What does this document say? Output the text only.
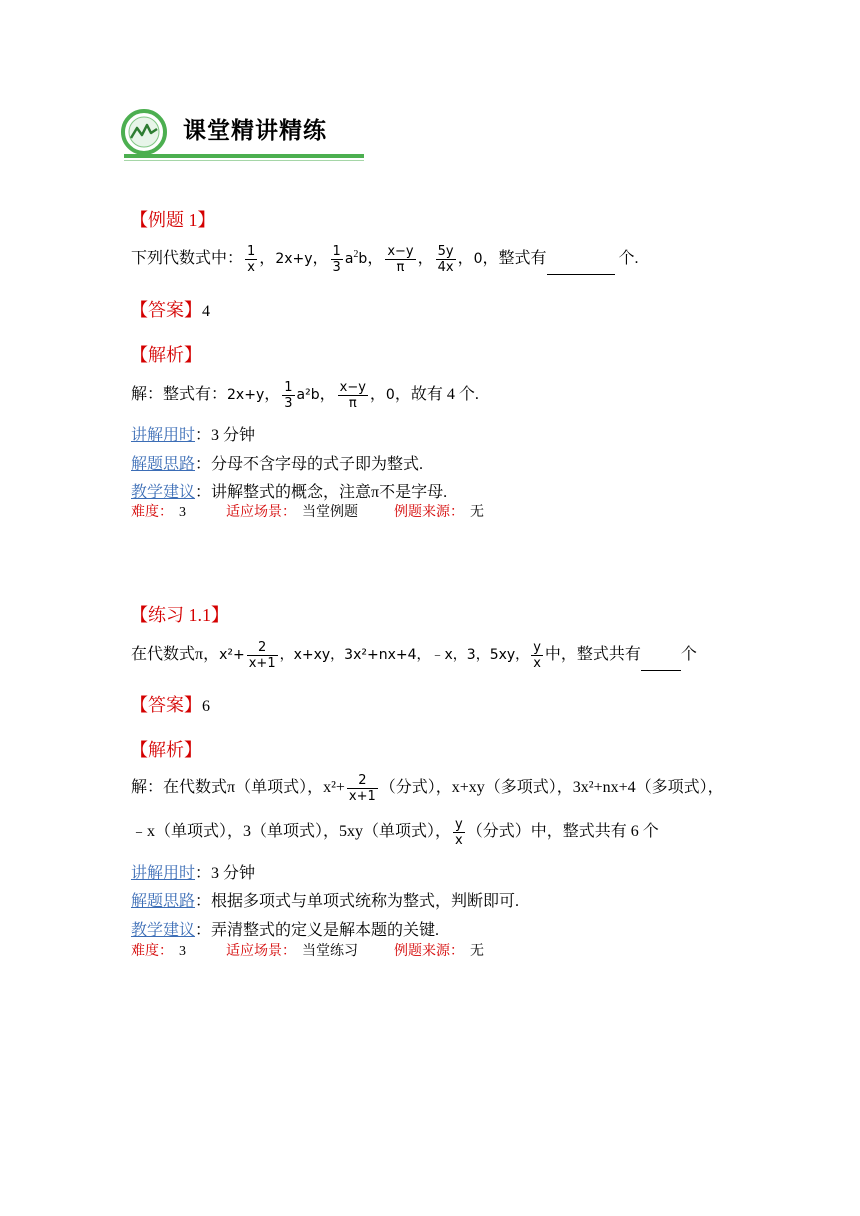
课堂精讲精练
【例题 1】
下列代数式中： $\frac{1}{x}$ ，2x+y， $\frac{1}{3} a^2b$， $\frac{x-y}{\pi}$ ， $\frac{5y}{4x}$ ，0，整式有	个.
【答案】4
【解析】
解：整式有：2x+y， $\frac{1}{3} a^2b$， $\frac{x-y}{\pi}$ ，0，故有 4 个.
讲解用时：3 分钟
解题思路：分母不含字母的式子即为整式.
教学建议：讲解整式的概念，注意π不是字母.
难度： 3	适应场景： 当堂例题	例题来源： 无
【练习 1.1】
在代数式π，$x^2+ \frac{2}{x+1}$ ，x+xy，3x²+nx+4，﹣x，3，5xy， $\frac{y}{x}$ 中，整式共有	个
【答案】6
【解析】
解：在代数式π（单项式），$x^2+ \frac{2}{x+1}$ （分式），x+xy（多项式），3x²+nx+4（多项式），
﹣x（单项式），3（单项式），5xy（单项式）， $\frac{y}{x}$ （分式）中，整式共有 6 个
讲解用时：3 分钟
解题思路：根据多项式与单项式统称为整式，判断即可.
教学建议：弄清整式的定义是解本题的关键.
难度： 3	适应场景： 当堂练习	例题来源： 无
